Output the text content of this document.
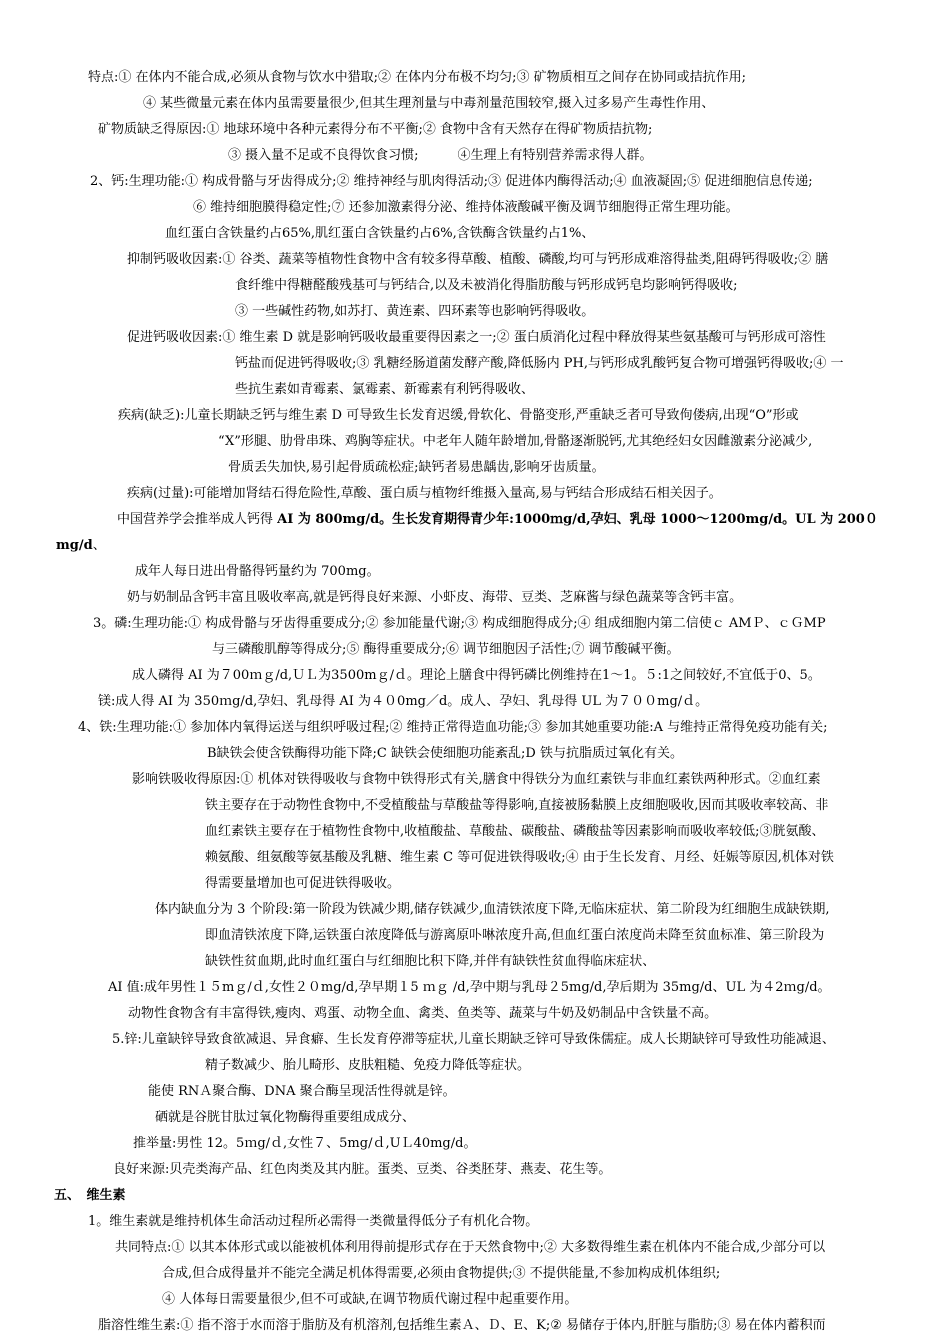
特点:① 在体内不能合成,必须从食物与饮水中猎取;② 在体内分布极不均匀;③ 矿物质相互之间存在协同或拮抗作用;
④ 某些微量元素在体内虽需要量很少,但其生理剂量与中毒剂量范围较窄,摄入过多易产生毒性作用、
矿物质缺乏得原因:① 地球环境中各种元素得分布不平衡;② 食物中含有天然存在得矿物质拮抗物;
③ 摄入量不足或不良得饮食习惯;　　　④生理上有特别营养需求得人群。
2、钙:生理功能:① 构成骨骼与牙齿得成分;② 维持神经与肌肉得活动;③ 促进体内酶得活动;④ 血液凝固;⑤ 促进细胞信息传递;
⑥ 维持细胞膜得稳定性;⑦ 还参加激素得分泌、维持体液酸碱平衡及调节细胞得正常生理功能。
血红蛋白含铁量约占65%,肌红蛋白含铁量约占6%,含铁酶含铁量约占1%、
抑制钙吸收因素:① 谷类、蔬菜等植物性食物中含有较多得草酸、植酸、磷酸,均可与钙形成难溶得盐类,阻碍钙得吸收;② 膳
食纤维中得糖醛酸残基可与钙结合,以及未被消化得脂肪酸与钙形成钙皂均影响钙得吸收;
③ 一些碱性药物,如苏打、黄连素、四环素等也影响钙得吸收。
促进钙吸收因素:① 维生素 D 就是影响钙吸收最重要得因素之一;② 蛋白质消化过程中释放得某些氨基酸可与钙形成可溶性
钙盐而促进钙得吸收;③ 乳糖经肠道菌发酵产酸,降低肠内 PH,与钙形成乳酸钙复合物可增强钙得吸收;④ 一
些抗生素如青霉素、氯霉素、新霉素有利钙得吸收、
疾病(缺乏):儿童长期缺乏钙与维生素 D 可导致生长发育迟缓,骨软化、骨骼变形,严重缺乏者可导致佝偻病,出现“O”形或
“X”形腿、肋骨串珠、鸡胸等症状。中老年人随年龄增加,骨骼逐渐脱钙,尤其绝经妇女因雌激素分泌减少,
骨质丢失加快,易引起骨质疏松症;缺钙者易患龋齿,影响牙齿质量。
疾病(过量):可能增加肾结石得危险性,草酸、蛋白质与植物纤维摄入量高,易与钙结合形成结石相关因子。
中国营养学会推举成人钙得 AI 为 800mg/d。生长发育期得青少年:1000ｍg/d,孕妇、乳母 1000～1200mg/d。UL 为 200０
mg/d、
成年人每日进出骨骼得钙量约为 700mg。
奶与奶制品含钙丰富且吸收率高,就是钙得良好来源、小虾皮、海带、豆类、芝麻酱与绿色蔬菜等含钙丰富。
3。磷:生理功能:① 构成骨骼与牙齿得重要成分;② 参加能量代谢;③ 构成细胞得成分;④ 组成细胞内第二信使ｃ AMＰ、ｃＧMP
与三磷酸肌醇等得成分;⑤ 酶得重要成分;⑥ 调节细胞因子活性;⑦ 调节酸碱平衡。
成人磷得 AI 为７00ｍｇ/d,ＵＬ为3500mｇ/ｄ。理论上膳食中得钙磷比例维持在1～1。５:1之间较好,不宜低于0、5。
镁:成人得 AI 为 350ｍg/d,孕妇、乳母得 AI 为４０0mg／d。成人、孕妇、乳母得 UL 为７００mg/ｄ。
4、铁:生理功能:① 参加体内氧得运送与组织呼吸过程;② 维持正常得造血功能;③ 参加其她重要功能:A 与维持正常得免疫功能有关;
B缺铁会使含铁酶得功能下降;C 缺铁会使细胞功能紊乱;D 铁与抗脂质过氧化有关。
影响铁吸收得原因:① 机体对铁得吸收与食物中铁得形式有关,膳食中得铁分为血红素铁与非血红素铁两种形式。②血红素
铁主要存在于动物性食物中,不受植酸盐与草酸盐等得影响,直接被肠黏膜上皮细胞吸收,因而其吸收率较高、非
血红素铁主要存在于植物性食物中,收植酸盐、草酸盐、碳酸盐、磷酸盐等因素影响而吸收率较低;③胱氨酸、
赖氨酸、组氨酸等氨基酸及乳糖、维生素 C 等可促进铁得吸收;④ 由于生长发育、月经、妊娠等原因,机体对铁
得需要量增加也可促进铁得吸收。
体内缺血分为 3 个阶段:第一阶段为铁减少期,储存铁减少,血清铁浓度下降,无临床症状、第二阶段为红细胞生成缺铁期,
即血清铁浓度下降,运铁蛋白浓度降低与游离原卟啉浓度升高,但血红蛋白浓度尚未降至贫血标准、第三阶段为
缺铁性贫血期,此时血红蛋白与红细胞比积下降,并伴有缺铁性贫血得临床症状、
AI 值:成年男性１５mｇ/ｄ,女性２０mg/d,孕早期１5 ｍｇ /d,孕中期与乳母２5mg/d,孕后期为 35mg/d、UL 为４2ｍg/d。
动物性食物含有丰富得铁,瘦肉、鸡蛋、动物全血、禽类、鱼类等、蔬菜与牛奶及奶制品中含铁量不高。
5.锌:儿童缺锌导致食欲减退、异食癖、生长发育停滞等症状,儿童长期缺乏锌可导致侏儒症。成人长期缺锌可导致性功能减退、
精子数减少、胎儿畸形、皮肤粗糙、免疫力降低等症状。
能使 RNＡ聚合酶、DNA 聚合酶呈现活性得就是锌。
硒就是谷胱甘肽过氧化物酶得重要组成成分、
推举量:男性 12。5ｍg/ｄ,女性７、5mg/ｄ,UＬ40mg/d。
良好来源:贝壳类海产品、红色肉类及其内脏。蛋类、豆类、谷类胚芽、燕麦、花生等。
五、　维生素
1。维生素就是维持机体生命活动过程所必需得一类微量得低分子有机化合物。
共同特点:① 以其本体形式或以能被机体利用得前提形式存在于天然食物中;② 大多数得维生素在机体内不能合成,少部分可以
合成,但合成得量并不能完全满足机体得需要,必须由食物提供;③ 不提供能量,不参加构成机体组织;
④ 人体每日需要量很少,但不可或缺,在调节物质代谢过程中起重要作用。
脂溶性维生素:① 指不溶于水而溶于脂肪及有机溶剂,包括维生素Ａ、Ｄ、E、K;② 易储存于体内,肝脏与脂肪;③ 易在体内蓄积而
